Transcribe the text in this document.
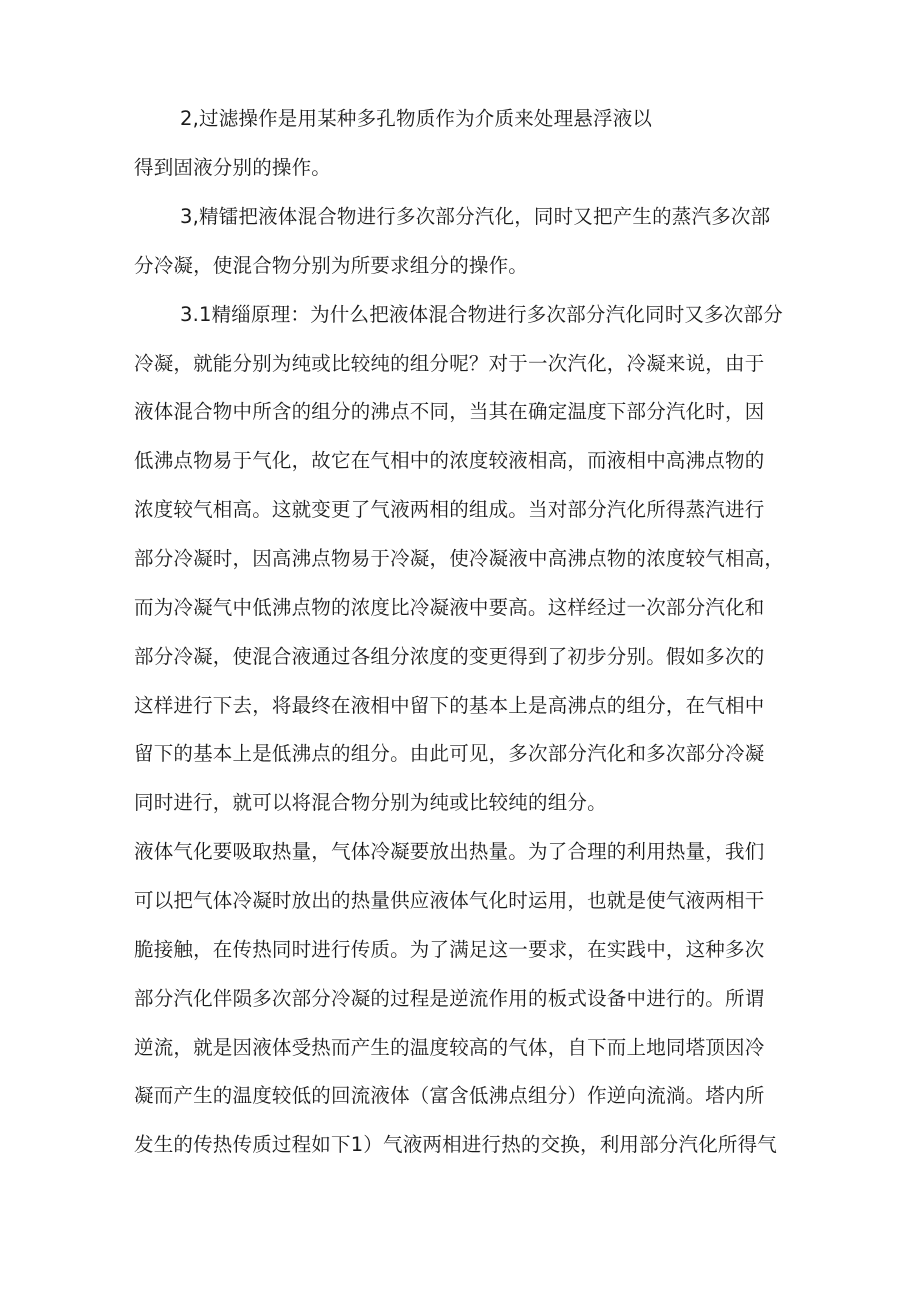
2,过滤操作是用某种多孔物质作为介质来处理悬浮液以
得到固液分别的操作。
3,精镭把液体混合物进行多次部分汽化，同时又把产生的蒸汽多次部
分冷凝，使混合物分别为所要求组分的操作。
3.1精缁原理：为什么把液体混合物进行多次部分汽化同时又多次部分
冷凝，就能分别为纯或比较纯的组分呢？对于一次汽化，冷凝来说，由于
液体混合物中所含的组分的沸点不同，当其在确定温度下部分汽化时，因
低沸点物易于气化，故它在气相中的浓度较液相高，而液相中高沸点物的
浓度较气相高。这就变更了气液两相的组成。当对部分汽化所得蒸汽进行
部分冷凝时，因高沸点物易于冷凝，使冷凝液中高沸点物的浓度较气相高，
而为冷凝气中低沸点物的浓度比冷凝液中要高。这样经过一次部分汽化和
部分冷凝，使混合液通过各组分浓度的变更得到了初步分别。假如多次的
这样进行下去，将最终在液相中留下的基本上是高沸点的组分，在气相中
留下的基本上是低沸点的组分。由此可见，多次部分汽化和多次部分冷凝
同时进行，就可以将混合物分别为纯或比较纯的组分。
液体气化要吸取热量，气体冷凝要放出热量。为了合理的利用热量，我们
可以把气体冷凝时放出的热量供应液体气化时运用，也就是使气液两相干
脆接触，在传热同时进行传质。为了满足这一要求，在实践中，这种多次
部分汽化伴陨多次部分冷凝的过程是逆流作用的板式设备中进行的。所谓
逆流，就是因液体受热而产生的温度较高的气体，自下而上地同塔顶因冷
凝而产生的温度较低的回流液体（富含低沸点组分）作逆向流淌。塔内所
发生的传热传质过程如下1）气液两相进行热的交换，利用部分汽化所得气
